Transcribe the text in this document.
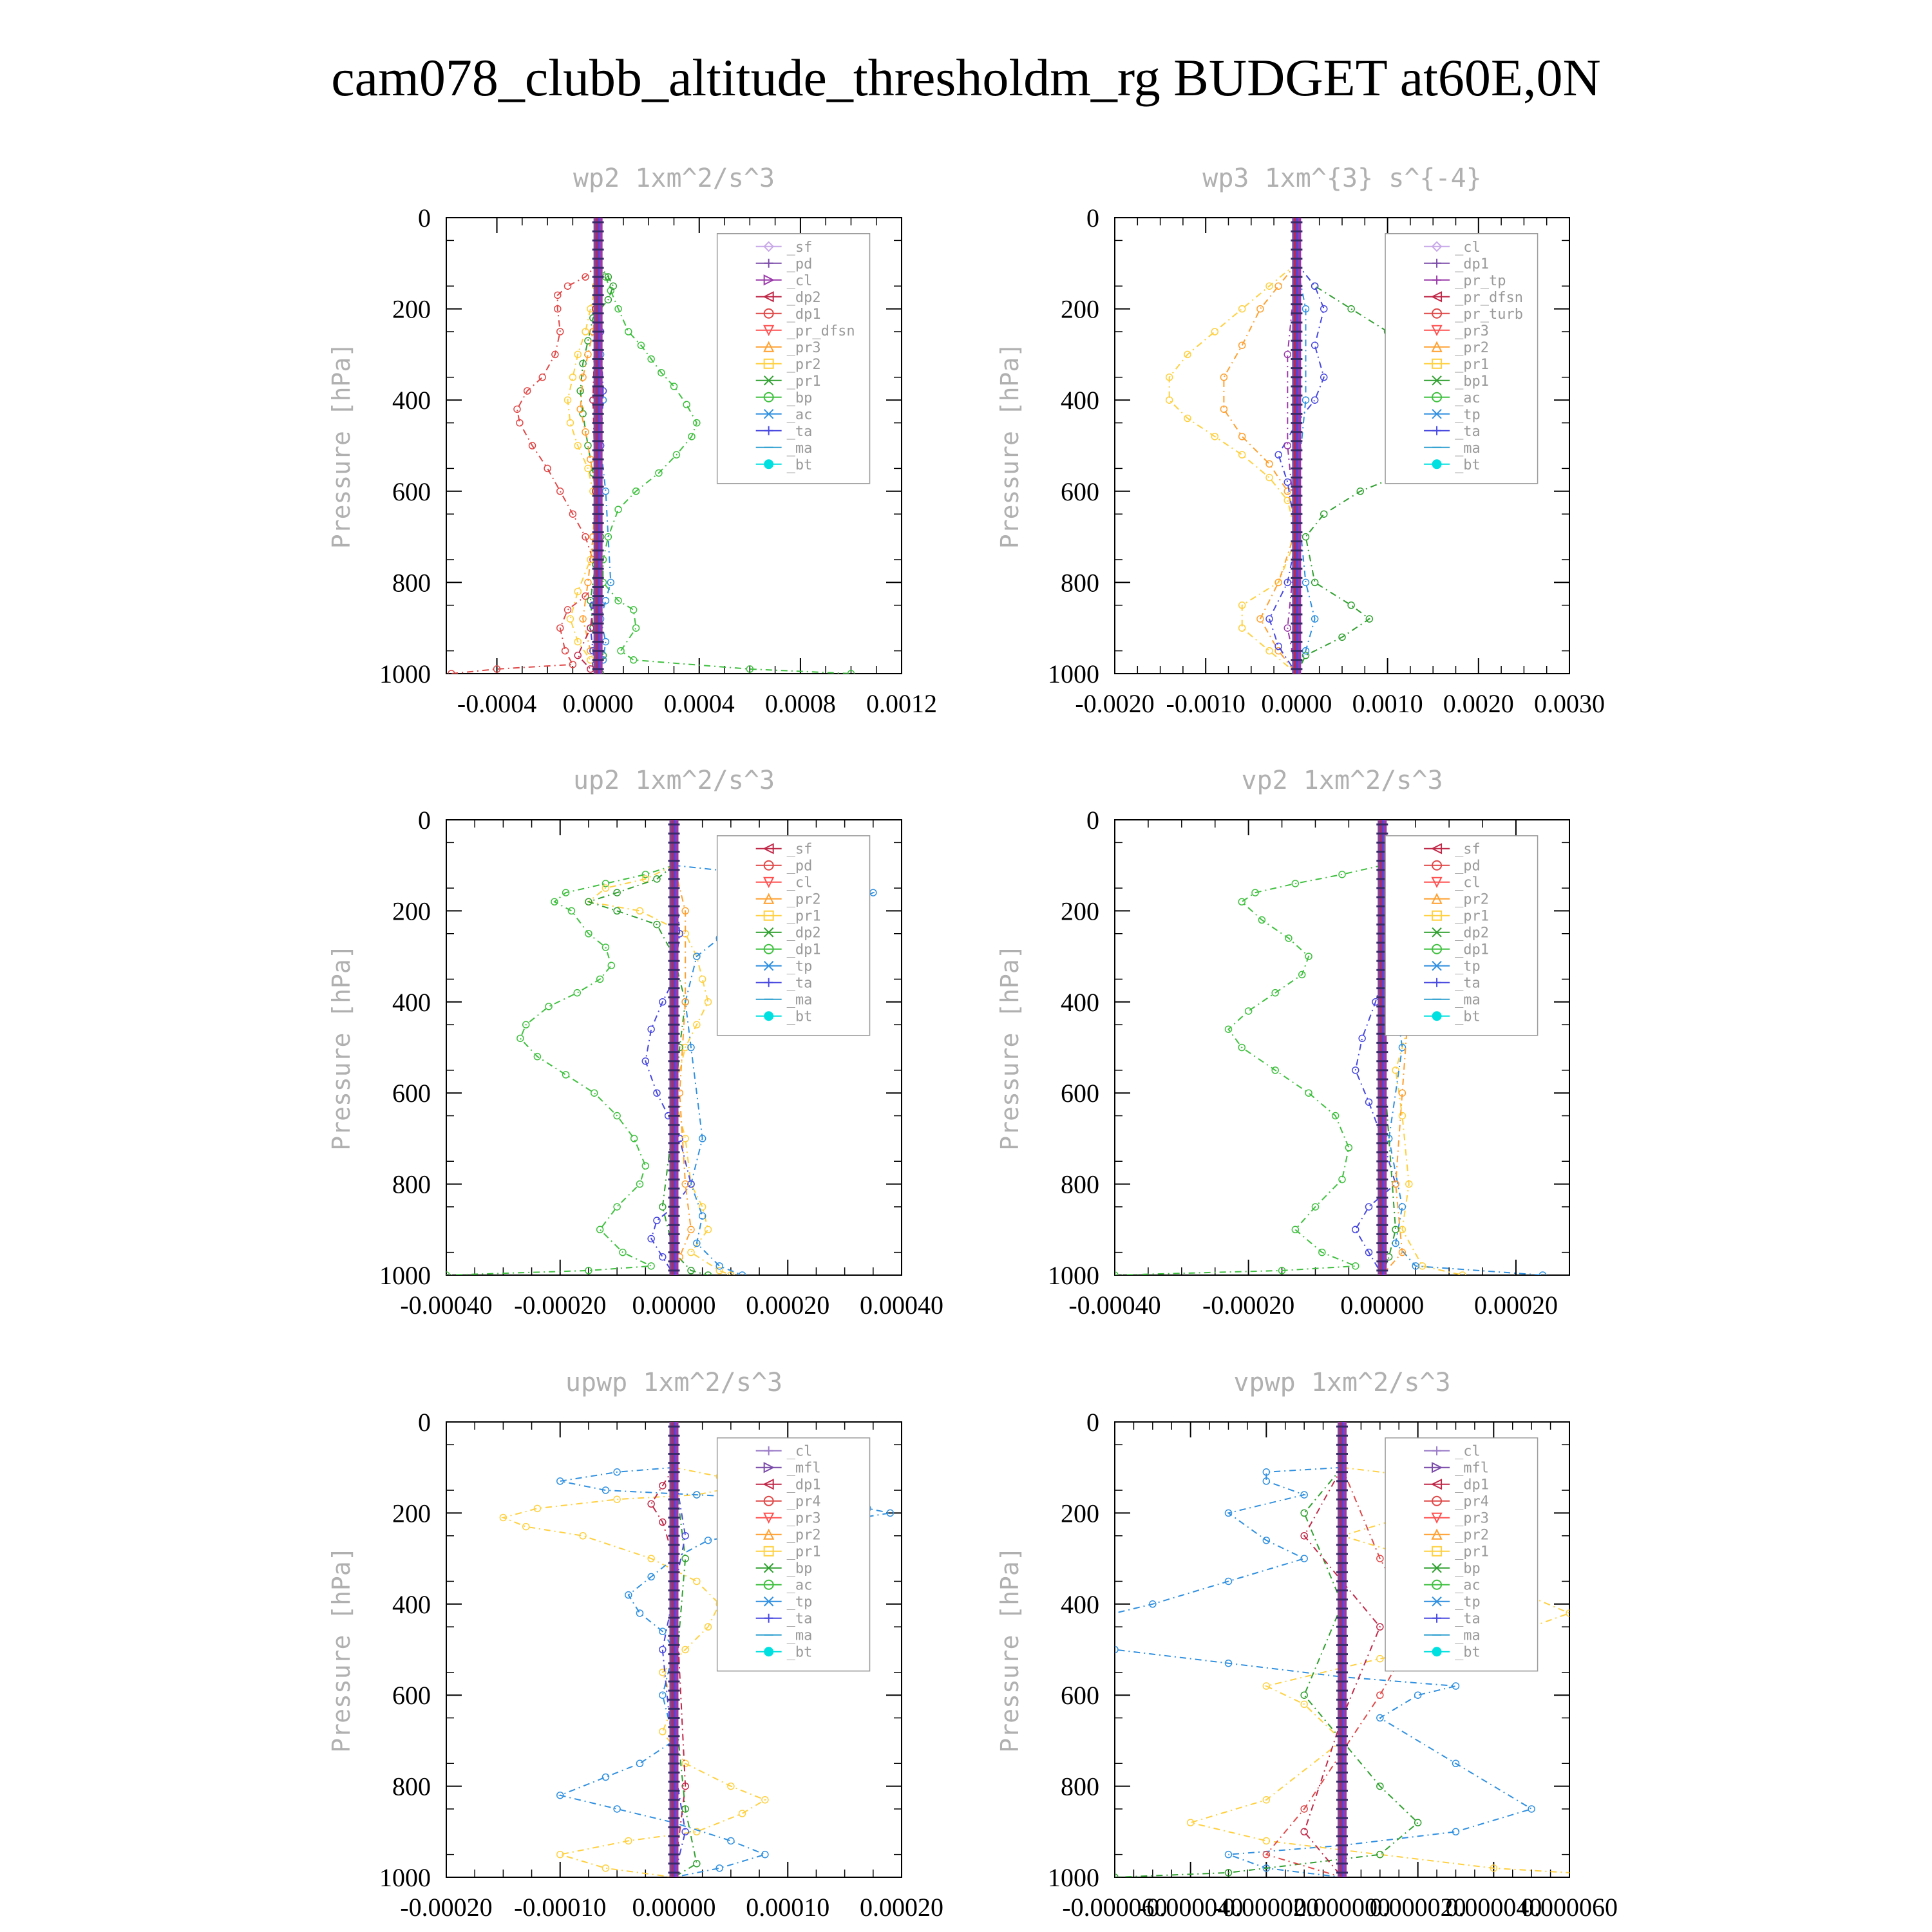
cam078_clubb_altitude_thresholdm_rg BUDGET at60E,0N
wp2 1xm^2/s^3
Pressure [hPa]
0
200
400
600
800
1000
-0.0004 0.0000 0.0004 0.0008 0.0012
_sf
_pd
_cl
_dp2
_dp1
_pr_dfsn
_pr3
_pr2
_pr1
_bp
_ac
_ta
_ma
_bt
wp3 1xm^{3} s^{-4}
Pressure [hPa]
0
200
400
600
800
1000
-0.0020 -0.0010 0.0000 0.0010 0.0020 0.0030
_cl
_dp1
_pr_tp
_pr_dfsn
_pr_turb
_pr3
_pr2
_pr1
_bp1
_ac
_tp
_ta
_ma
_bt
up2 1xm^2/s^3
Pressure [hPa]
0
200
400
600
800
1000
-0.00040 -0.00020 0.00000 0.00020 0.00040
_sf
_pd
_cl
_pr2
_pr1
_dp2
_dp1
_tp
_ta
_ma
_bt
vp2 1xm^2/s^3
Pressure [hPa]
0
200
400
600
800
1000
-0.00040 -0.00020 0.00000 0.00020
_sf
_pd
_cl
_pr2
_pr1
_dp2
_dp1
_tp
_ta
_ma
_bt
upwp 1xm^2/s^3
Pressure [hPa]
0
200
400
600
800
1000
-0.00020 -0.00010 0.00000 0.00010 0.00020
_cl
_mfl
_dp1
_pr4
_pr3
_pr2
_pr1
_bp
_ac
_tp
_ta
_ma
_bt
vpwp 1xm^2/s^3
Pressure [hPa]
0
200
400
600
800
1000
-0.000060
-0.000040
-0.000020
0.000000
0.000020
0.000040
0.000060
_cl
_mfl
_dp1
_pr4
_pr3
_pr2
_pr1
_bp
_ac
_tp
_ta
_ma
_bt
